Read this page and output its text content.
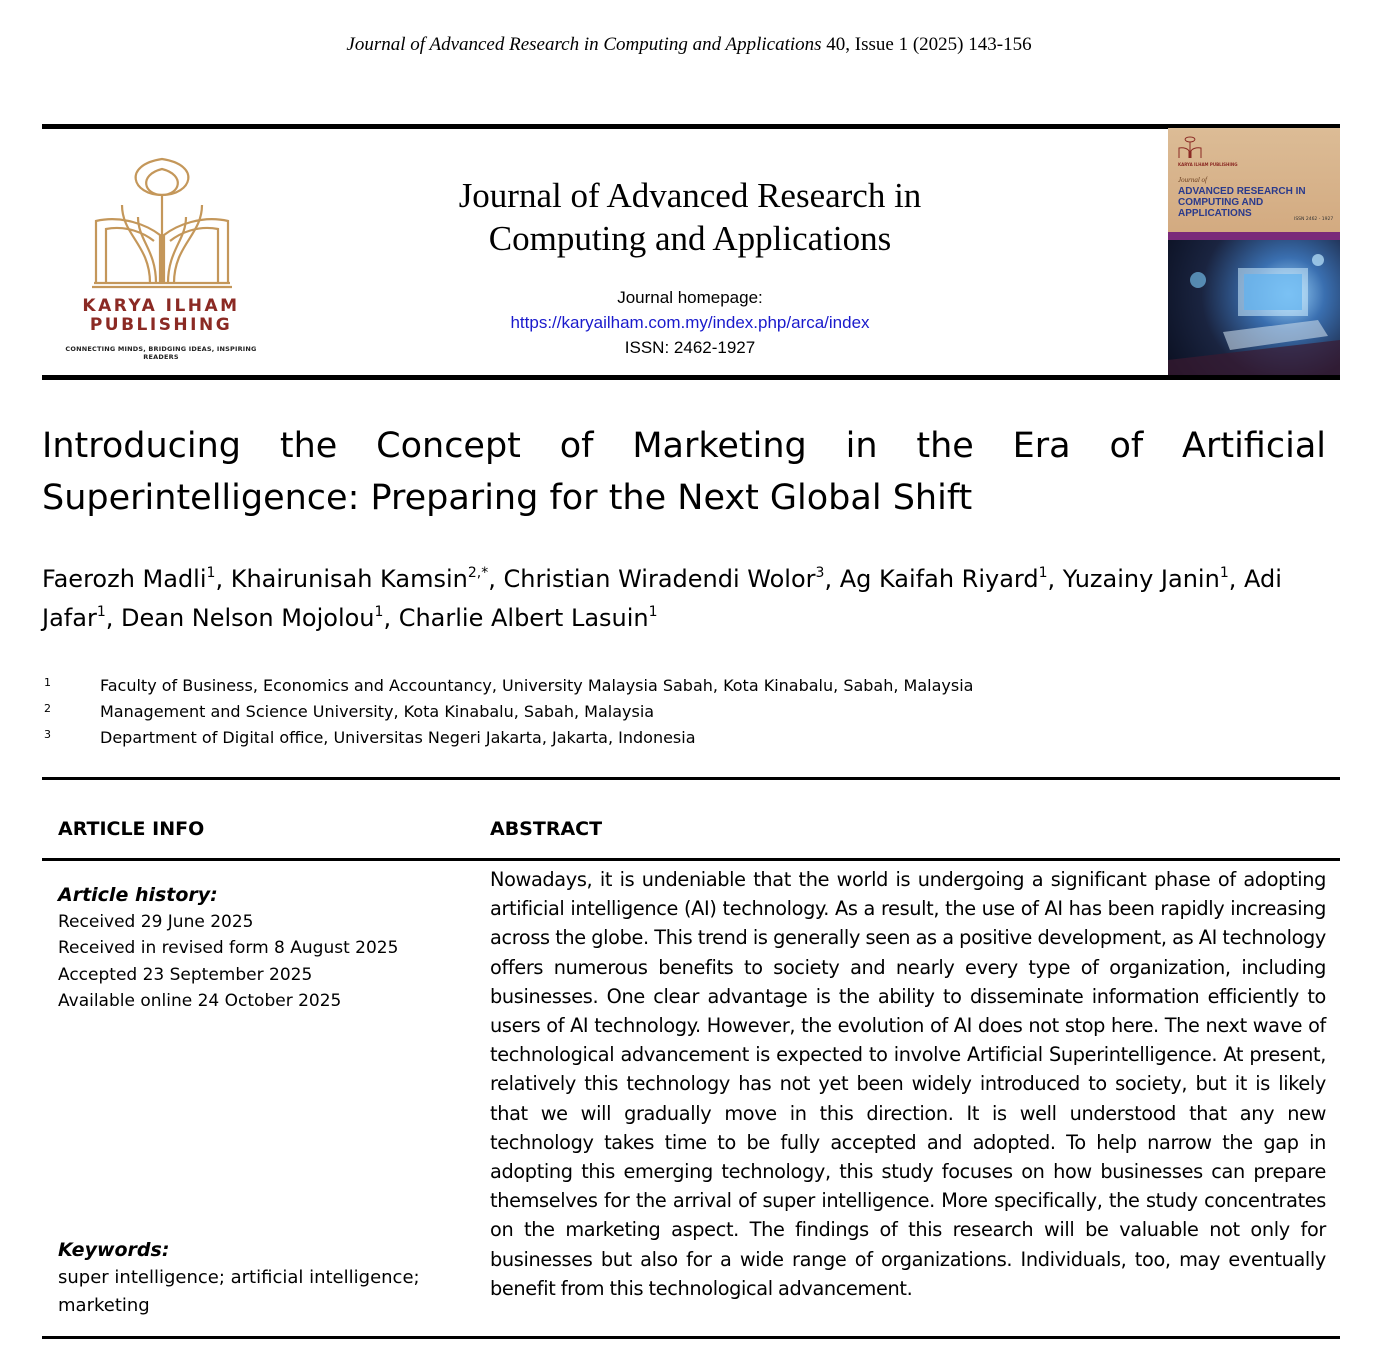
Journal of Advanced Research in Computing and Applications 40, Issue 1 (2025) 143-156
KARYA ILHAM
PUBLISHING
CONNECTING MINDS, BRIDGING IDEAS, INSPIRING READERS
Journal of Advanced Research in
Computing and Applications
Journal homepage:
https://karyailham.com.my/index.php/arca/index
ISSN: 2462-1927
KARYA ILHAM PUBLISHING
Journal of
ADVANCED RESEARCH IN COMPUTING AND APPLICATIONS
ISSN 2462 - 1927
Introducing the Concept of Marketing in the Era of Artificial Superintelligence: Preparing for the Next Global Shift
Faerozh Madli$^1$, Khairunisah Kamsin$^{2,*}$, Christian Wiradendi Wolor$^3$, Ag Kaifah Riyard$^1$, Yuzainy Janin$^1$, Adi Jafar$^1$, Dean Nelson Mojolou$^1$, Charlie Albert Lasuin$^1$
1	Faculty of Business, Economics and Accountancy, University Malaysia Sabah, Kota Kinabalu, Sabah, Malaysia
2	Management and Science University, Kota Kinabalu, Sabah, Malaysia
3	Department of Digital office, Universitas Negeri Jakarta, Jakarta, Indonesia
ARTICLE INFO	ABSTRACT
Article history:
Received 29 June 2025
Received in revised form 8 August 2025
Accepted 23 September 2025
Available online 24 October 2025
Keywords:
super intelligence; artificial intelligence; marketing
Nowadays, it is undeniable that the world is undergoing a significant phase of adopting artificial intelligence (AI) technology. As a result, the use of AI has been rapidly increasing across the globe. This trend is generally seen as a positive development, as AI technology offers numerous benefits to society and nearly every type of organization, including businesses. One clear advantage is the ability to disseminate information efficiently to users of AI technology. However, the evolution of AI does not stop here. The next wave of technological advancement is expected to involve Artificial Superintelligence. At present, relatively this technology has not yet been widely introduced to society, but it is likely that we will gradually move in this direction. It is well understood that any new technology takes time to be fully accepted and adopted. To help narrow the gap in adopting this emerging technology, this study focuses on how businesses can prepare themselves for the arrival of super intelligence. More specifically, the study concentrates on the marketing aspect. The findings of this research will be valuable not only for businesses but also for a wide range of organizations. Individuals, too, may eventually benefit from this technological advancement.
